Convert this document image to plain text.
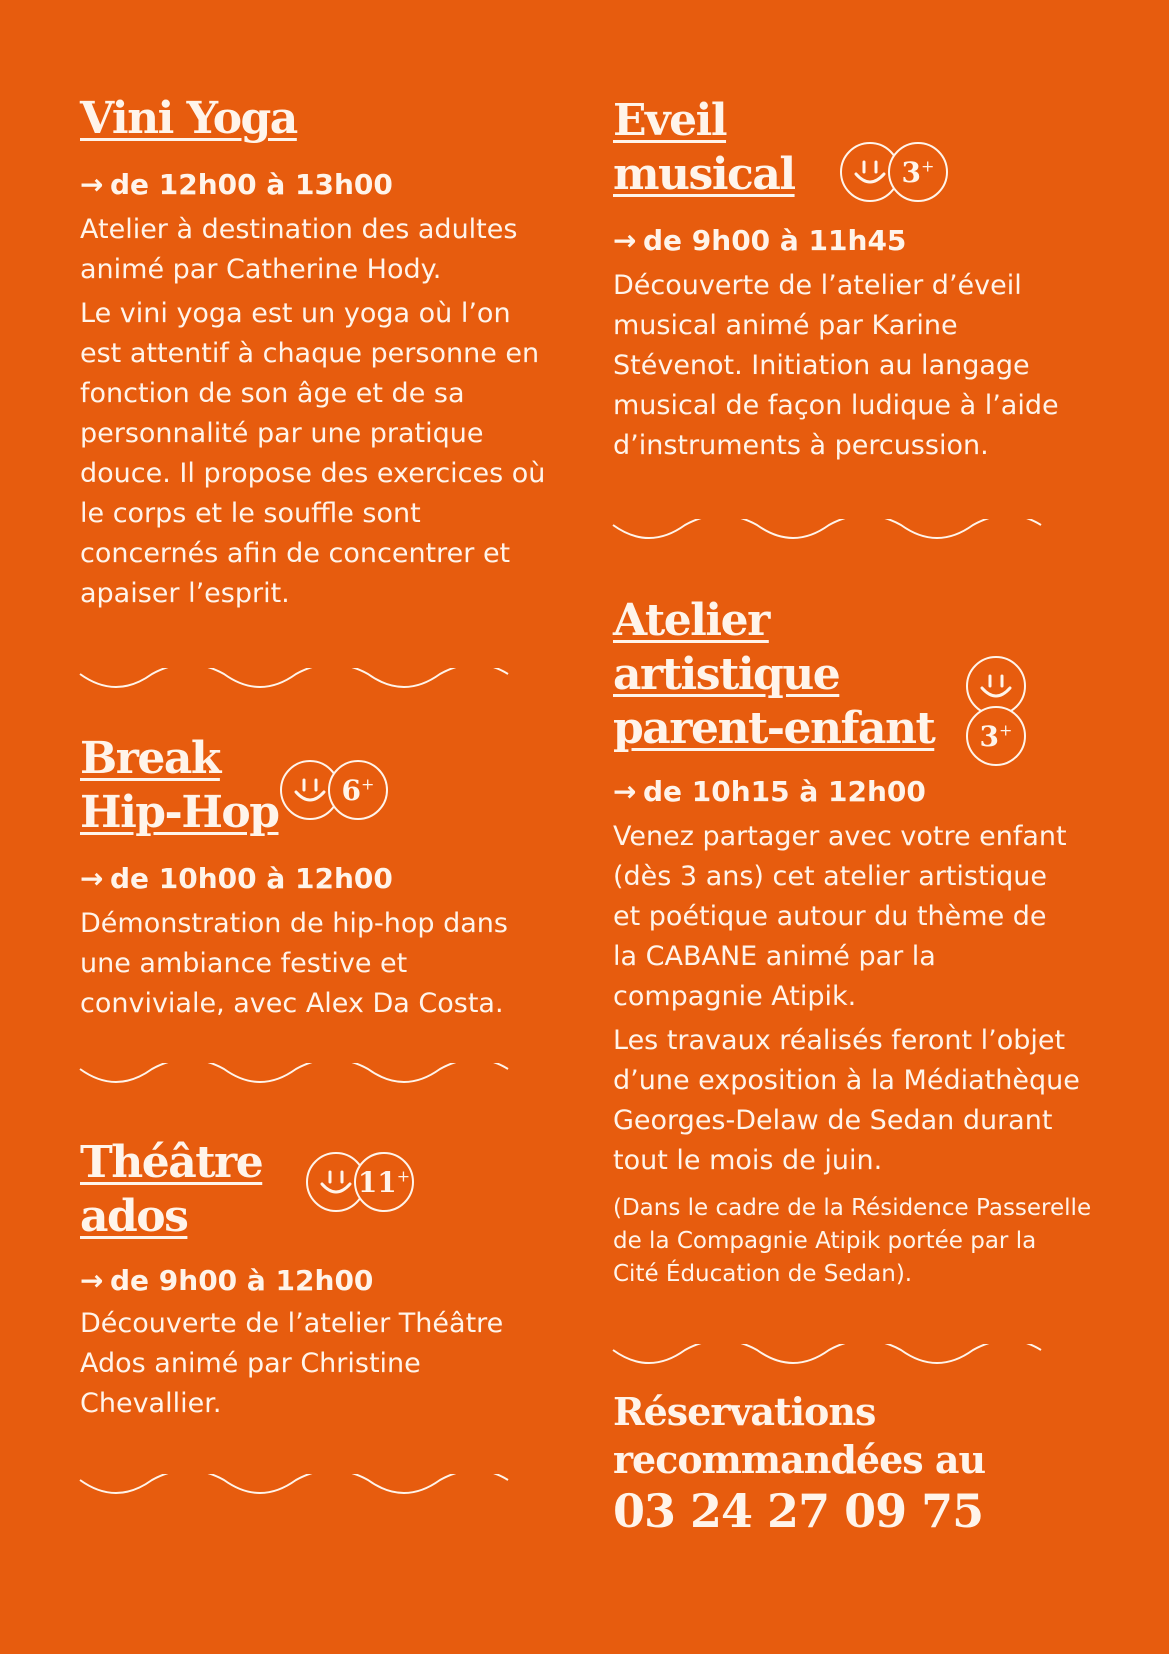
Vini Yoga
→ de 12h00 à 13h00

Atelier à destination des adultes
animé par Catherine Hody.

Le vini yoga est un yoga où l’on
est attentif à chaque personne en
fonction de son âge et de sa
personnalité par une pratique
douce. Il propose des exercices où
le corps et le souffle sont
concernés afin de concentrer et
apaiser l’esprit.

Break
Hip-Hop 6+
→ de 10h00 à 12h00

Démonstration de hip-hop dans
une ambiance festive et
conviviale, avec Alex Da Costa.

Théâtre
ados
11+
→ de 9h00 à 12h00

Découverte de l’atelier Théâtre
Ados animé par Christine
Chevallier.

Eveil
musical	3+
→ de 9h00 à 11h45

Découverte de l’atelier d’éveil
musical animé par Karine
Stévenot. Initiation au langage
musical de façon ludique à l’aide
d’instruments à percussion.

Atelier
artistique
parent-enfant 3+
→ de 10h15 à 12h00

Venez partager avec votre enfant
(dès 3 ans) cet atelier artistique
et poétique autour du thème de
la CABANE animé par la
compagnie Atipik.

Les travaux réalisés feront l’objet
d’une exposition à la Médiathèque
Georges-Delaw de Sedan durant
tout le mois de juin.

(Dans le cadre de la Résidence Passerelle
de la Compagnie Atipik portée par la
Cité Éducation de Sedan).

Réservations
recommandées au
03 24 27 09 75
